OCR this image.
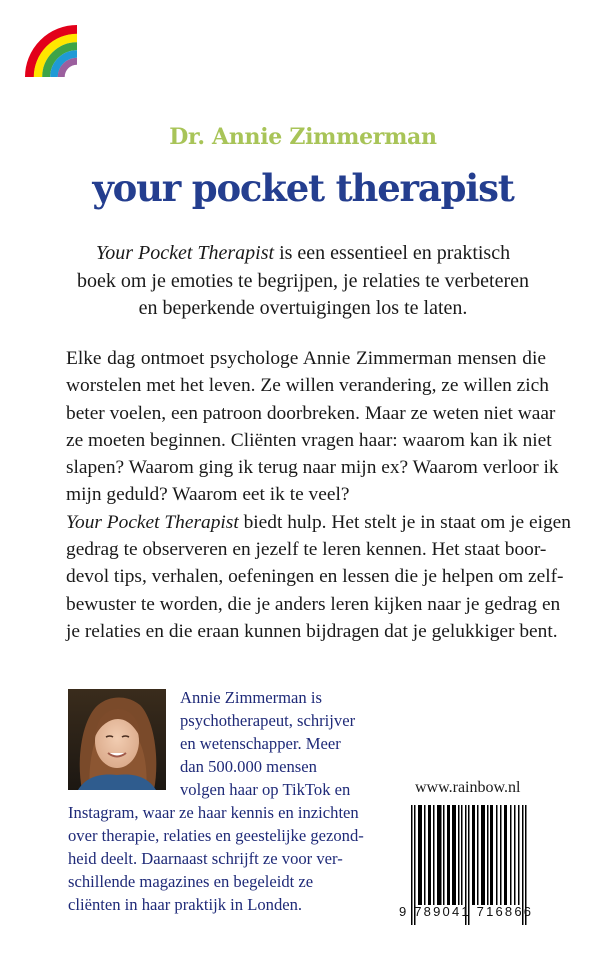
Dr. Annie Zimmerman
your pocket therapist
Your Pocket Therapist is een essentieel en praktisch
boek om je emoties te begrijpen, je relaties te verbeteren
en beperkende overtuigingen los te laten.
Elke dag ontmoet psychologe Annie Zimmerman mensen die
worstelen met het leven. Ze willen verandering, ze willen zich
beter voelen, een patroon doorbreken. Maar ze weten niet waar
ze moeten beginnen. Cliënten vragen haar: waarom kan ik niet
slapen? Waarom ging ik terug naar mijn ex? Waarom verloor ik
mijn geduld? Waarom eet ik te veel?
Your Pocket Therapist biedt hulp. Het stelt je in staat om je eigen
gedrag te observeren en jezelf te leren kennen. Het staat boor-
devol tips, verhalen, oefeningen en lessen die je helpen om zelf-
bewuster te worden, die je anders leren kijken naar je gedrag en
je relaties en die eraan kunnen bijdragen dat je gelukkiger bent.
Annie Zimmerman is
psychotherapeut, schrijver
en wetenschapper. Meer
dan 500.000 mensen
volgen haar op TikTok en
Instagram, waar ze haar kennis en inzichten
over therapie, relaties en geestelijke gezond-
heid deelt. Daarnaast schrijft ze voor ver-
schillende magazines en begeleidt ze
cliënten in haar praktijk in Londen.
www.rainbow.nl
9 789041 716866
